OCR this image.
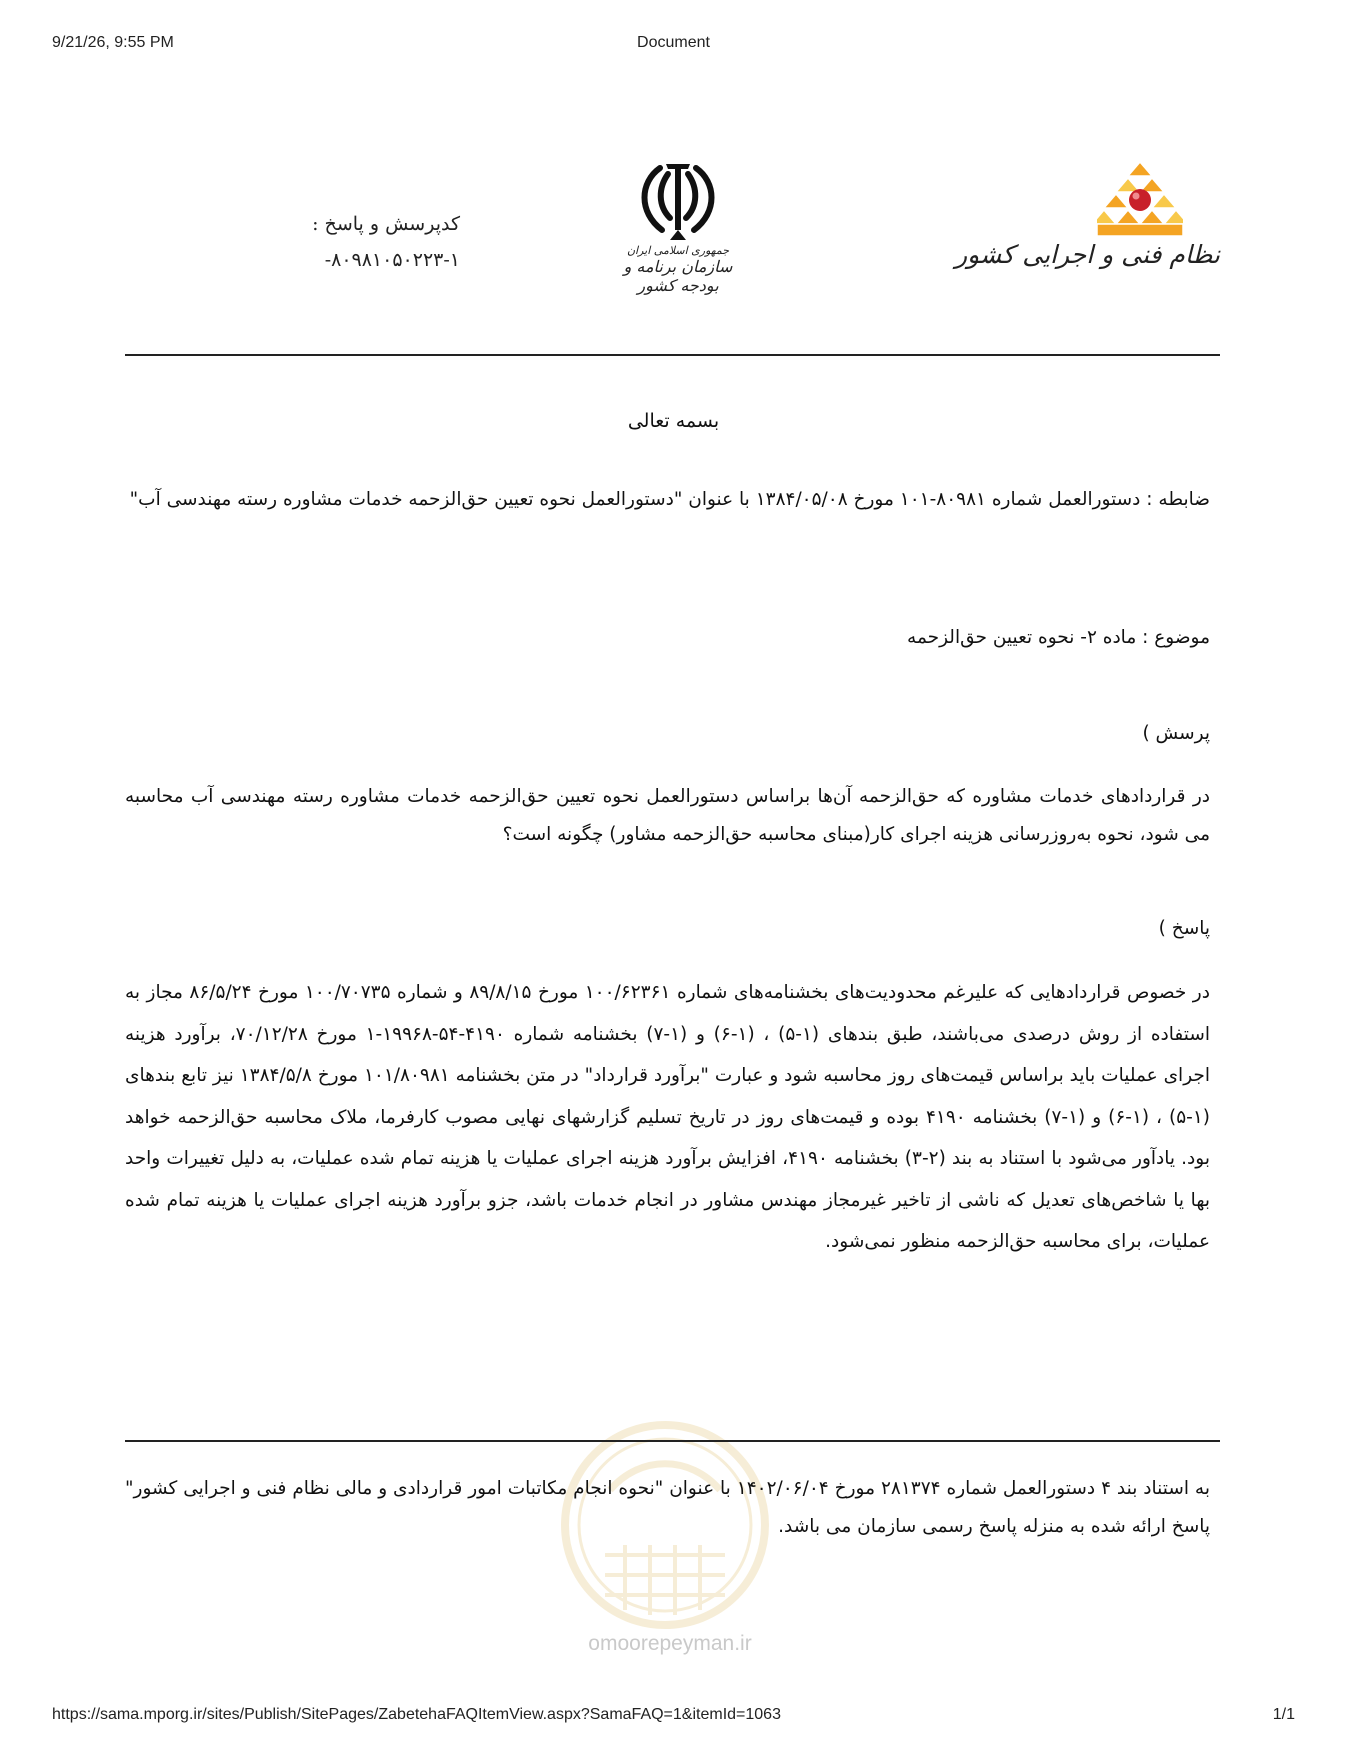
9/21/26, 9:55 PM	Document
کدپرسش و پاسخ :
۸۰۹۸۱۰۵۰۲۲۳-۱-	جمهوری اسلامی ایران
سازمان برنامه و بودجه کشور
نظام فنی و اجرایی کشور
بسمه تعالی

ضابطه : دستورالعمل شماره ۸۰۹۸۱-۱۰۱ مورخ ۱۳۸۴/۰۵/۰۸ با عنوان "دستورالعمل نحوه تعیین حق‌الزحمه خدمات مشاوره رسته مهندسی آب"

موضوع : ماده ۲- نحوه تعیین حق‌الزحمه

پرسش )

در قراردادهای خدمات مشاوره که حق‌الزحمه آن‌ها براساس دستورالعمل نحوه تعیین حق‌الزحمه خدمات مشاوره رسته مهندسی آب محاسبه می شود، نحوه به‌روزرسانی هزینه اجرای کار(مبنای محاسبه حق‌الزحمه مشاور) چگونه است؟

پاسخ )

در خصوص قراردادهایی که علیرغم محدودیت‌های بخشنامه‌های شماره ۱۰۰/۶۲۳۶۱ مورخ ۸۹/۸/۱۵ و شماره ۱۰۰/۷۰۷۳۵ مورخ ۸۶/۵/۲۴ مجاز به استفاده از روش درصدی می‌باشند، طبق بندهای (۱-۵) ، (۱-۶) و (۱-۷) بخشنامه شماره ۴۱۹۰-۵۴-۱۹۹۶۸-۱ مورخ ۷۰/۱۲/۲۸، برآورد هزینه اجرای عملیات باید براساس قیمت‌های روز محاسبه شود و عبارت "برآورد قرارداد" در متن بخشنامه ۱۰۱/۸۰۹۸۱ مورخ ۱۳۸۴/۵/۸ نیز تابع بندهای (۱-۵) ، (۱-۶) و (۱-۷) بخشنامه ۴۱۹۰ بوده و قیمت‌های روز در تاریخ تسلیم گزارشهای نهایی مصوب کارفرما، ملاک محاسبه حق‌الزحمه خواهد بود. یادآور می‌شود با استناد به بند (۲-۳) بخشنامه ۴۱۹۰، افزایش برآورد هزینه اجرای عملیات یا هزینه تمام شده عملیات، به دلیل تغییرات واحد بها یا شاخص‌های تعدیل که ناشی از تاخیر غیرمجاز مهندس مشاور در انجام خدمات باشد، جزو برآورد هزینه اجرای عملیات یا هزینه تمام شده عملیات، برای محاسبه حق‌الزحمه منظور نمی‌شود.

به استناد بند ۴ دستورالعمل شماره ۲۸۱۳۷۴ مورخ ۱۴۰۲/۰۶/۰۴ با عنوان "نحوه انجام مکاتبات امور قراردادی و مالی نظام فنی و اجرایی کشور" پاسخ ارائه شده به منزله پاسخ رسمی سازمان می باشد.

omoorepeyman.ir
https://sama.mporg.ir/sites/Publish/SitePages/ZabetehaFAQItemView.aspx?SamaFAQ=1&itemId=1063	1/1
